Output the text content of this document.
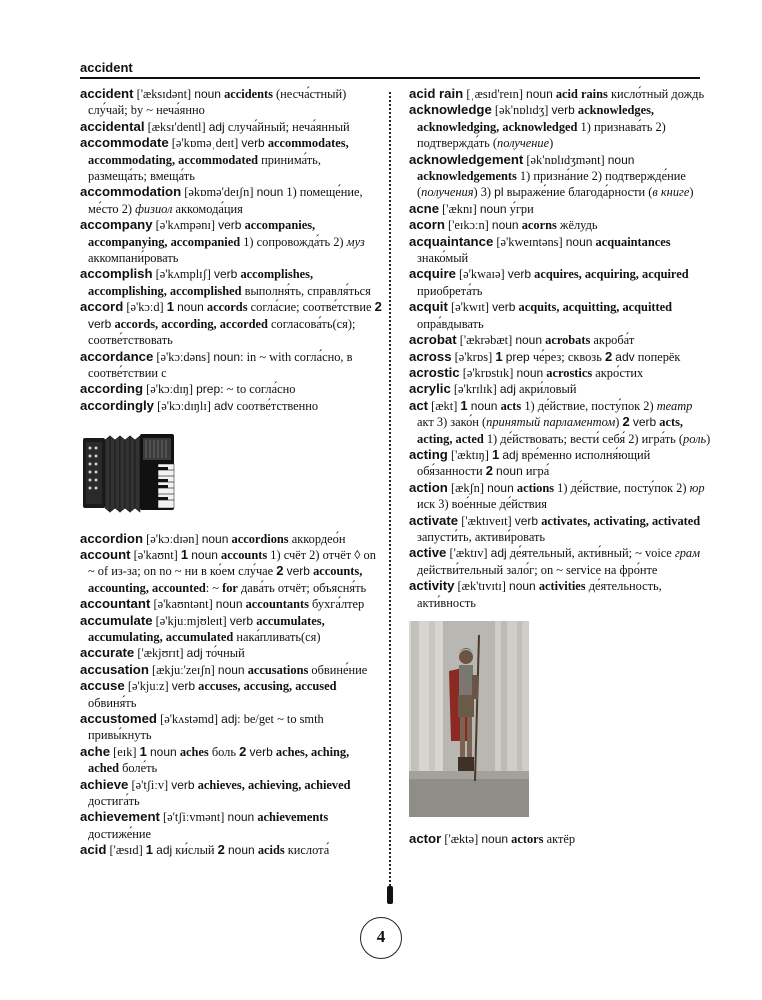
accident

accident ['æksɪdənt] noun accidents (несча́стный) слу́чай; by ~ неча́янно

accidental [æksɪ'dentl] adj случа́йный; неча́янный

accommodate [ə'kɒməˌdeɪt] verb accommodates, accommodating, accommodated принима́ть, размеща́ть; вмеща́ть

accommodation [əkɒmə'deɪʃn] noun 1) помеще́ние, ме́сто 2) физиол аккомода́ция

accompany [ə'kʌmpənɪ] verb accompanies, accompanying, accompanied 1) сопровожда́ть 2) муз аккомпани́ровать

accomplish [ə'kʌmplɪʃ] verb accomplishes, accomplishing, accomplished выполня́ть, справля́ться

accord [ə'kɔːd] 1 noun accords согла́сие; соотве́тствие 2 verb accords, according, accorded согласова́ть(ся); соотве́тствовать

accordance [ə'kɔːdəns] noun: in ~ with согла́сно, в соотве́тствии с

according [ə'kɔːdɪŋ] prep: ~ to согла́сно

accordingly [ə'kɔːdɪŋlɪ] adv соотве́тственно

accordion [ə'kɔːdɪən] noun accordions аккордео́н

account [ə'kaʊnt] 1 noun accounts 1) счёт 2) отчёт ◊ on ~ of из-за; on no ~ ни в ко́ем слу́чае 2 verb accounts, accounting, accounted: ~ for дава́ть отчёт; объясня́ть

accountant [ə'kaʊntənt] noun accountants бухга́лтер

accumulate [ə'kjuːmjʊleɪt] verb accumulates, accumulating, accumulated нака́пливать(ся)

accurate ['ækjʊrɪt] adj то́чный

accusation [ækjuː'zeɪʃn] noun accusations обвине́ние

accuse [ə'kjuːz] verb accuses, accusing, accused обвиня́ть

accustomed [ə'kʌstəmd] adj: be/get ~ to smth привы́кнуть

ache [eɪk] 1 noun aches боль 2 verb aches, aching, ached боле́ть

achieve [ə'tʃiːv] verb achieves, achieving, achieved достига́ть

achievement [ə'tʃiːvmənt] noun achievements достиже́ние

acid ['æsɪd] 1 adj ки́слый 2 noun acids кислота́

acid rain [ˌæsɪd'reɪn] noun acid rains кисло́тный дождь

acknowledge [ək'nɒlɪdʒ] verb acknowledges, acknowledging, acknowledged 1) признава́ть 2) подтвержда́ть (получение)

acknowledgement [ək'nɒlɪdʒmənt] noun acknowledgements 1) призна́ние 2) подтвержде́ние (получения) 3) pl выраже́ние благода́рности (в книге)

acne ['æknɪ] noun у́гри

acorn ['eɪkɔːn] noun acorns жёлудь

acquaintance [ə'kweɪntəns] noun acquaintances знако́мый

acquire [ə'kwaɪə] verb acquires, acquiring, acquired приобрета́ть

acquit [ə'kwɪt] verb acquits, acquitting, acquitted опра́вдывать

acrobat ['ækrəbæt] noun acrobats акроба́т

across [ə'krɒs] 1 prep че́рез; сквозь 2 adv поперёк

acrostic [ə'krɒstɪk] noun acrostics акро́стих

acrylic [ə'krɪlɪk] adj акри́ловый

act [ækt] 1 noun acts 1) де́йствие, посту́пок 2) театр акт 3) зако́н (принятый парламентом) 2 verb acts, acting, acted 1) де́йствовать; вести́ себя́ 2) игра́ть (роль)

acting ['æktɪŋ] 1 adj вре́менно исполня́ющий обя́занности 2 noun игра́

action [ækʃn] noun actions 1) де́йствие, посту́пок 2) юр иск 3) вое́нные де́йствия

activate ['æktɪveɪt] verb activates, activating, activated запусти́ть, активи́ровать

active ['æktɪv] adj де́ятельный, акти́вный; ~ voice грам действи́тельный зало́г; on ~ service на фро́нте

activity [æk'tɪvɪtɪ] noun activities де́ятельность, акти́вность

actor ['æktə] noun actors актёр

4
